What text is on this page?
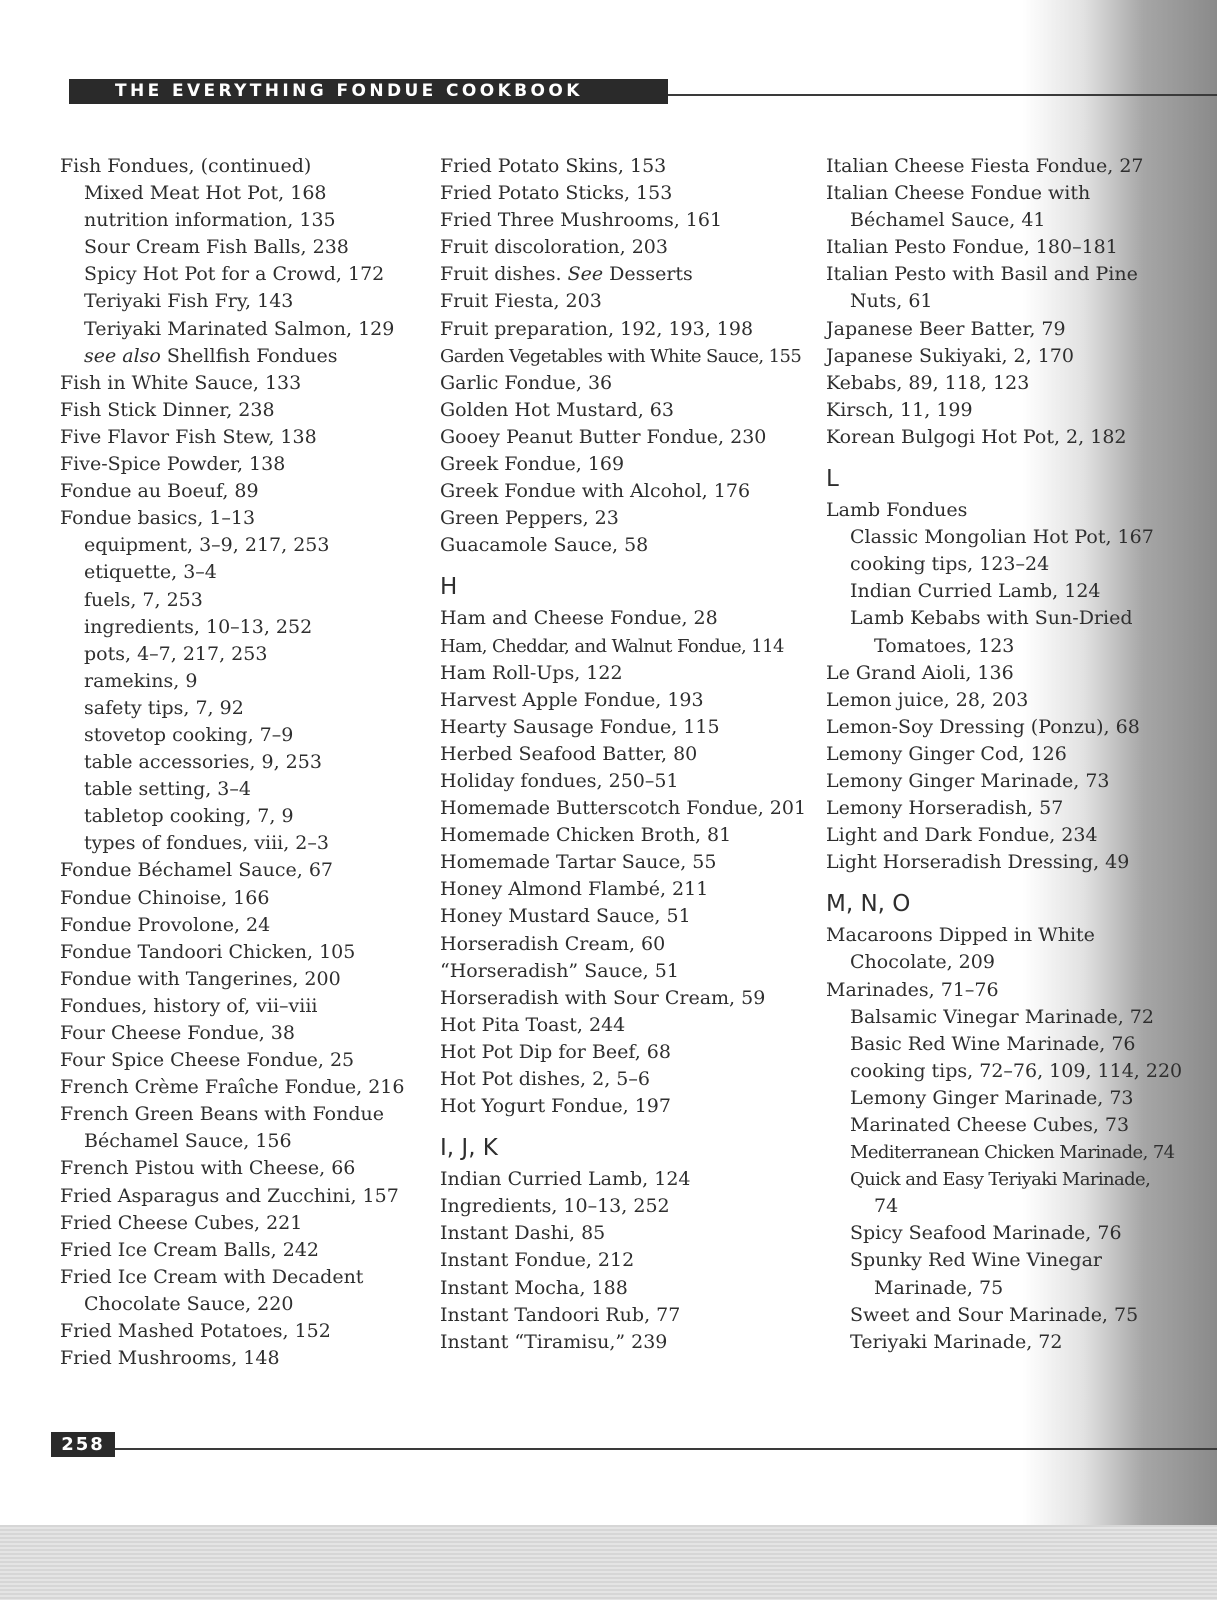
THE EVERYTHING FONDUE COOKBOOK
Fish Fondues, (continued)
Mixed Meat Hot Pot, 168
nutrition information, 135
Sour Cream Fish Balls, 238
Spicy Hot Pot for a Crowd, 172
Teriyaki Fish Fry, 143
Teriyaki Marinated Salmon, 129
see also Shellfish Fondues
Fish in White Sauce, 133
Fish Stick Dinner, 238
Five Flavor Fish Stew, 138
Five-Spice Powder, 138
Fondue au Boeuf, 89
Fondue basics, 1–13
equipment, 3–9, 217, 253
etiquette, 3–4
fuels, 7, 253
ingredients, 10–13, 252
pots, 4–7, 217, 253
ramekins, 9
safety tips, 7, 92
stovetop cooking, 7–9
table accessories, 9, 253
table setting, 3–4
tabletop cooking, 7, 9
types of fondues, viii, 2–3
Fondue Béchamel Sauce, 67
Fondue Chinoise, 166
Fondue Provolone, 24
Fondue Tandoori Chicken, 105
Fondue with Tangerines, 200
Fondues, history of, vii–viii
Four Cheese Fondue, 38
Four Spice Cheese Fondue, 25
French Crème Fraîche Fondue, 216
French Green Beans with Fondue
Béchamel Sauce, 156
French Pistou with Cheese, 66
Fried Asparagus and Zucchini, 157
Fried Cheese Cubes, 221
Fried Ice Cream Balls, 242
Fried Ice Cream with Decadent
Chocolate Sauce, 220
Fried Mashed Potatoes, 152
Fried Mushrooms, 148
Fried Potato Skins, 153
Fried Potato Sticks, 153
Fried Three Mushrooms, 161
Fruit discoloration, 203
Fruit dishes. See Desserts
Fruit Fiesta, 203
Fruit preparation, 192, 193, 198
Garden Vegetables with White Sauce, 155
Garlic Fondue, 36
Golden Hot Mustard, 63
Gooey Peanut Butter Fondue, 230
Greek Fondue, 169
Greek Fondue with Alcohol, 176
Green Peppers, 23
Guacamole Sauce, 58
H
Ham and Cheese Fondue, 28
Ham, Cheddar, and Walnut Fondue, 114
Ham Roll-Ups, 122
Harvest Apple Fondue, 193
Hearty Sausage Fondue, 115
Herbed Seafood Batter, 80
Holiday fondues, 250–51
Homemade Butterscotch Fondue, 201
Homemade Chicken Broth, 81
Homemade Tartar Sauce, 55
Honey Almond Flambé, 211
Honey Mustard Sauce, 51
Horseradish Cream, 60
“Horseradish” Sauce, 51
Horseradish with Sour Cream, 59
Hot Pita Toast, 244
Hot Pot Dip for Beef, 68
Hot Pot dishes, 2, 5–6
Hot Yogurt Fondue, 197
I, J, K
Indian Curried Lamb, 124
Ingredients, 10–13, 252
Instant Dashi, 85
Instant Fondue, 212
Instant Mocha, 188
Instant Tandoori Rub, 77
Instant “Tiramisu,” 239
Italian Cheese Fiesta Fondue, 27
Italian Cheese Fondue with
Béchamel Sauce, 41
Italian Pesto Fondue, 180–181
Italian Pesto with Basil and Pine
Nuts, 61
Japanese Beer Batter, 79
Japanese Sukiyaki, 2, 170
Kebabs, 89, 118, 123
Kirsch, 11, 199
Korean Bulgogi Hot Pot, 2, 182
L
Lamb Fondues
Classic Mongolian Hot Pot, 167
cooking tips, 123–24
Indian Curried Lamb, 124
Lamb Kebabs with Sun-Dried
Tomatoes, 123
Le Grand Aioli, 136
Lemon juice, 28, 203
Lemon-Soy Dressing (Ponzu), 68
Lemony Ginger Cod, 126
Lemony Ginger Marinade, 73
Lemony Horseradish, 57
Light and Dark Fondue, 234
Light Horseradish Dressing, 49
M, N, O
Macaroons Dipped in White
Chocolate, 209
Marinades, 71–76
Balsamic Vinegar Marinade, 72
Basic Red Wine Marinade, 76
cooking tips, 72–76, 109, 114, 220
Lemony Ginger Marinade, 73
Marinated Cheese Cubes, 73
Mediterranean Chicken Marinade, 74
Quick and Easy Teriyaki Marinade,
74
Spicy Seafood Marinade, 76
Spunky Red Wine Vinegar
Marinade, 75
Sweet and Sour Marinade, 75
Teriyaki Marinade, 72
258
